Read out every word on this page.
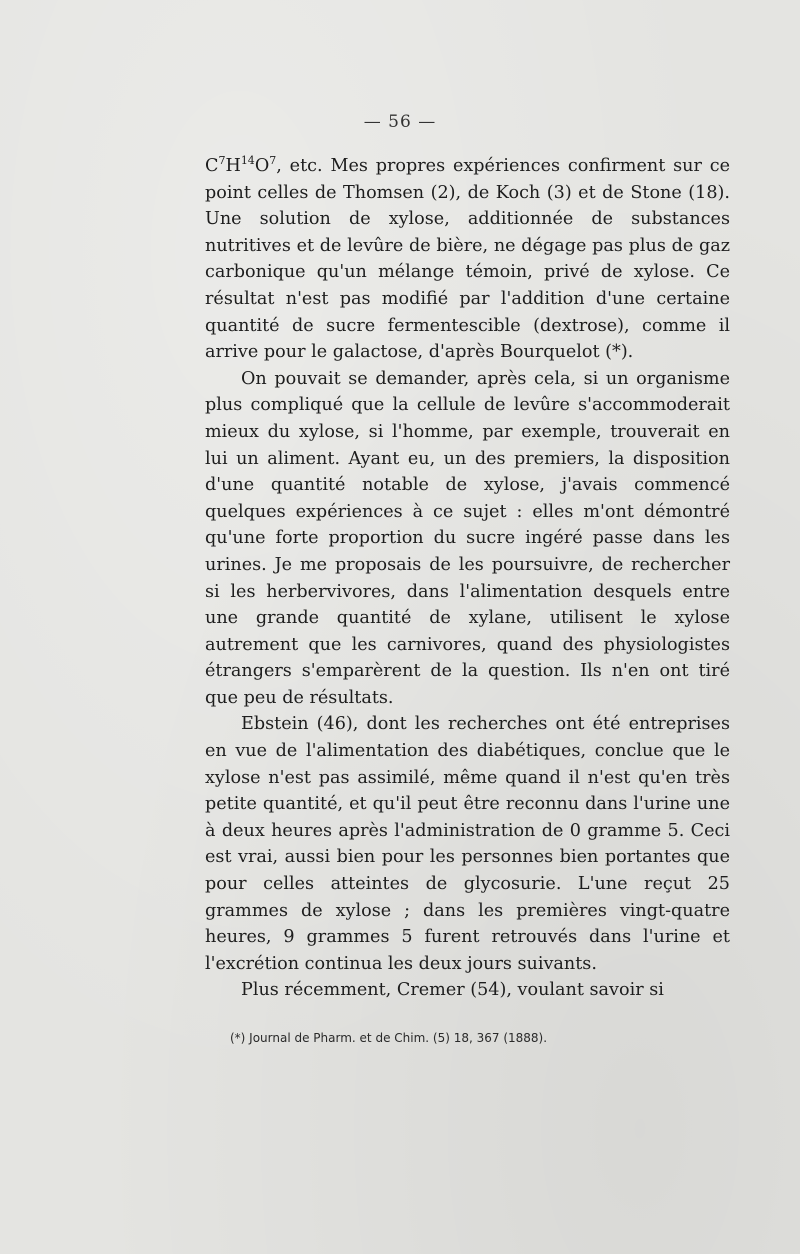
— 56 —

$C^7H^{14}O^7$, etc. Mes propres expériences confirment sur ce point celles de Thomsen (2), de Koch (3) et de Stone (18). Une solution de xylose, additionnée de substances nutritives et de levûre de bière, ne dégage pas plus de gaz carbonique qu'un mélange témoin, privé de xylose. Ce résultat n'est pas modifié par l'addition d'une certaine quantité de sucre fermentescible (dextrose), comme il arrive pour le galactose, d'après Bourquelot (*).

On pouvait se demander, après cela, si un organisme plus compliqué que la cellule de levûre s'accommoderait mieux du xylose, si l'homme, par exemple, trouverait en lui un aliment. Ayant eu, un des premiers, la disposition d'une quantité notable de xylose, j'avais commencé quelques expériences à ce sujet : elles m'ont démontré qu'une forte proportion du sucre ingéré passe dans les urines. Je me proposais de les poursuivre, de rechercher si les herbervivores, dans l'alimentation desquels entre une grande quantité de xylane, utilisent le xylose autrement que les carnivores, quand des physiologistes étrangers s'emparèrent de la question. Ils n'en ont tiré que peu de résultats.

Ebstein (46), dont les recherches ont été entreprises en vue de l'alimentation des diabétiques, conclue que le xylose n'est pas assimilé, même quand il n'est qu'en très petite quantité, et qu'il peut être reconnu dans l'urine une à deux heures après l'administration de 0 gramme 5. Ceci est vrai, aussi bien pour les personnes bien portantes que pour celles atteintes de glycosurie. L'une reçut 25 grammes de xylose ; dans les premières vingt-quatre heures, 9 grammes 5 furent retrouvés dans l'urine et l'excrétion continua les deux jours suivants.

Plus récemment, Cremer (54), voulant savoir si

(*) Journal de Pharm. et de Chim. (5) 18, 367 (1888).
